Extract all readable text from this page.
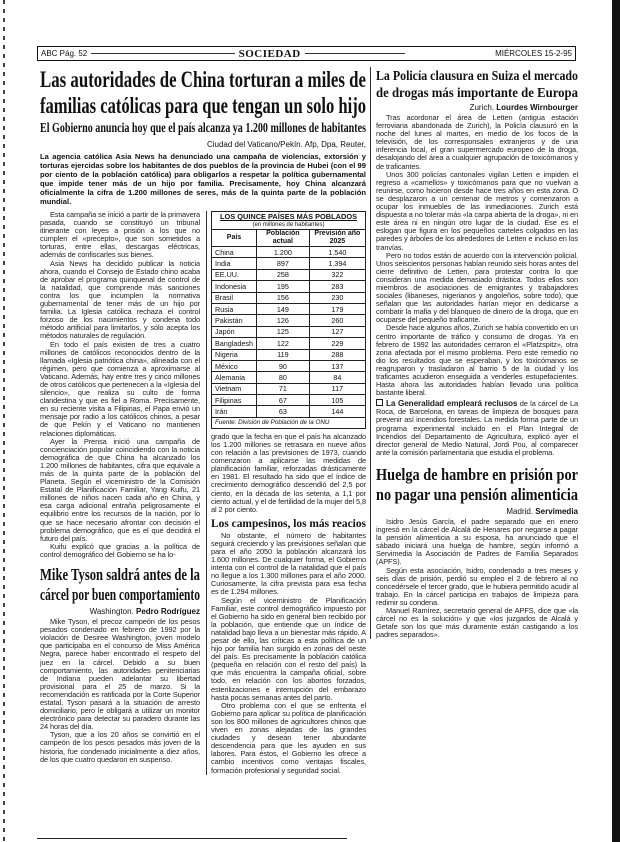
ABC Pág. 52	SOCIEDAD	MIÉRCOLES 15-2-95
Las autoridades de China torturan a miles de
familias católicas para que tengan un solo hijo
El Gobierno anuncia hoy que el país alcanza ya 1.200 millones de habitantes
Ciudad del Vaticano/Pekín. Afp, Dpa, Reuter,
La agencia católica Asia News ha denunciado una campaña de violencias, extorsión y torturas ejercidas sobre los habitantes de dos pueblos de la provincia de Hubei (con el 99 por ciento de la población católica) para obligarlos a respetar la política gubernamental que impide tener más de un hijo por familia. Precisamente, hoy China alcanzará oficialmente la cifra de 1.200 millones de seres, más de la quinta parte de la población mundial.

Esta campaña se inició a partir de la primavera pasada, cuando se constituyó un tribunal itinerante con leyes a prisión a los que no cumplen el «precepto», que son sometidos a torturas, entre ellas, descargas eléctricas, además de confiscarles sus bienes.

Asia News ha decidido publicar la noticia ahora, cuando el Consejo de Estado chino acaba de aprobar el programa quinquenal de control de la natalidad, que comprende más sanciones contra los que incumplen la normativa gubernamental de tener más de un hijo por familia. La Iglesia católica rechaza el control forzoso de los nacimientos y condena todo método artificial para limitarlos, y sólo acepta los métodos naturales de regulación.

En todo el país existen de tres a cuatro millones de católicos reconocidos dentro de la llamada «Iglesia patriótica china», alineada con el régimen, pero que comienza a aproximarse al Vaticano. Además, hay entre tres y cinco millones de otros católicos que pertenecen a la «Iglesia del silencio», que realiza su culto de forma clandestina y que es fiel a Roma. Precisamente, en su reciente visita a Filipinas, el Papa envió un mensaje por radio a los católicos chinos, a pesar de que Pekín y el Vaticano no mantienen relaciones diplomáticas.

Ayer la Prensa inició una campaña de concienciación popular coincidiendo con la noticia demográfica de que China ha alcanzado los 1.200 millones de habitantes, cifra que equivale a más de la quinta parte de la población del Planeta. Según el viceministro de la Comisión Estatal de Planificación Familiar, Yang Kuifu, 21 millones de niños nacen cada año en China, y esa carga adicional entraña peligrosamente el equilibrio entre los recursos de la nación, por lo que se hace necesario afrontar con decisión el problema demográfico, que es el que decidirá el futuro del país.

Kuifu explicó que gracias a la política de control demográfico del Gobierno se ha lo-

Mike Tyson saldrá antes de la
cárcel por buen comportamiento
Washington. Pedro Rodríguez

Mike Tyson, el precoz campeón de los pesos pesados condenado en febrero de 1992 por la violación de Desiree Washington, joven modelo que participaba en el concurso de Miss América Negra, parece haber encontrado el respeto del juez en la cárcel. Debido a su buen comportamiento, las autoridades penitenciarias de Indiana pueden adelantar su libertad provisional para el 25 de marzo. Si la recomendación es ratificada por la Corte Superior estatal, Tyson pasará a la situación de arresto domiciliario, pero le obligará a utilizar un monitor electrónico para detectar su paradero durante las 24 horas del día.

Tyson, que a los 20 años se convirtió en el campeón de los pesos pesados más joven de la historia, fue condenado inicialmente a diez años, de los que cuatro quedaron en suspenso.

LOS QUINCE PAÍSES MÁS POBLADOS
(en millones de habitantes)
País	Población actual	Previsión año 2025
China	1.200	1.540
India	897	1.394
EE.UU.	258	322
Indonesia	195	283
Brasil	156	230
Rusia	149	179
Pakistán	126	260
Japón	125	127
Bangladesh	122	229
Nigeria	119	288
México	90	137
Alemania	80	84
Vietnam	71	117
Filipinas	67	105
Irán	63	144
Fuente: División de Población de la ONU

grado que la fecha en que el país ha alcanzado los 1.200 millones se retrasara en nueve años con relación a las previsiones de 1973, cuando comenzaron a aplicarse las medidas de planificación familiar, reforzadas drásticamente en 1981. El resultado ha sido que el índice de crecimiento demográfico descendió del 2,5 por ciento, en la década de los setenta, a 1,1 por ciento actual, y el de fertilidad de la mujer del 5,8 al 2 por ciento.

Los campesinos, los más reacios

No obstante, el número de habitantes seguirá creciendo y las previsiones señalan que para el año 2050 la población alcanzará los 1.600 millones. De cualquier forma, el Gobierno intenta con el control de la natalidad que el país no llegue a los 1.300 millones para el año 2000. Curiosamente, la cifra prevista para esa fecha es de 1.294 millones.

Según el viceministro de Planificación Familiar, este control demográfico impuesto por el Gobierno ha sido en general bien recibido por la población, que entiende que un índice de natalidad bajo lleva a un bienestar más rápido. A pesar de ello, las críticas a esta política de un hijo por familia han surgido en zonas del oeste del país. Es precisamente la población católica (pequeña en relación con el resto del país) la que más encuentra la campaña oficial, sobre todo, en relación con los abortos forzados, esterilizaciones e interrupción del embarazo hasta pocas semanas antes del parto.

Otro problema con el que se enfrenta el Gobierno para aplicar su política de planificación son los 800 millones de agricultores chinos que viven en zonas alejadas de las grandes ciudades y desean tener abundante descendencia para que les ayuden en sus labores. Para éstos, el Gobierno les ofrece a cambio incentivos como ventajas fiscales, formación profesional y seguridad social.

La Policía clausura en Suiza el mercado
de drogas más importante de Europa
Zurich. Lourdes Wirnbourger

Tras acordonar el área de Letten (antigua estación ferroviaria abandonada de Zurich), la Policía clausuró en la noche del lunes al martes, en medio de los focos de la televisión, de los corresponsales extranjeros y de una inferencia local, el gran supermercado europeo de la droga, desalojando del área a cualquier agrupación de toxicómanos y de traficantes.

Unos 300 policías cantonales vigilan Letten e impiden el regreso a «camellos» y toxicómanos para que no vuelvan a reunirse, como hicieron desde hace tres años en esta zona. O se desplazaron a un centenar de metros y comenzaron a ocupar los inmuebles de las inmediaciones. Zurich está dispuesta a no tolerar más «la carpa abierta de la droga», ni en este área ni en ningún otro lugar de la ciudad. Ese es el eslogan que figura en los pequeños carteles colgados en las paredes y árboles de los alrededores de Letten e incluso en los tranvías.

Pero no todos están de acuerdo con la intervención policial. Unos seiscientos personas habían reunido seis horas antes del cierre definitivo de Letten, para protestar contra lo que consideran una medida demasiado drástica. Todos ellos son miembros de asociaciones de emigrantes y trabajadores sociales (libaneses, nigerianos y angoleños, sobre todo), que señalan que las autoridades harían mejor en dedicarse a combatir la mafia y del blanqueo de dinero de la droga, que en ocuparse del pequeño traficante.

Desde hace algunos años, Zurich se había convertido en un centro importante de tráfico y consumo de drogas. Ya en febrero de 1992 las autoridades cerraron el «Platzspitz», otra zona afectada por el mismo problema. Pero este remedio no dio los resultados que se esperaban, y los toxicómanos se reagruparon y trasladaron al barrio 5 de la ciudad y los traficantes acudieron enseguida a venderles estupefacientes. Hasta ahora las autoridades habían llevado una política bastante liberal.

La Generalidad empleará reclusos de la cárcel de La Roca, de Barcelona, en tareas de limpieza de bosques para prevenir así incendios forestales. La medida forma parte de un programa experimental incluido en el Plan Integral de Incendios del Departamento de Agricultura, explicó ayer el director general de Medio Natural, Jordi Pou, al comparecer ante la comisión parlamentaria que estudia el problema.

Huelga de hambre en prisión por
no pagar una pensión alimenticia
Madrid. Servimedia

Isidro Jesús García, el padre separado que en enero ingresó en la cárcel de Alcalá de Henares por negarse a pagar la pensión alimenticia a su esposa, ha anunciado que el sábado iniciará una huelga de hambre, según informó a Servimedia la Asociación de Padres de Familia Separados (APFS).

Según esta asociación, Isidro, condenado a tres meses y seis días de prisión, perdió su empleo el 2 de febrero al no concedérsele el tercer grado, que le hubiera permitido acudir al trabajo. En la cárcel participa en trabajos de limpieza para redimir su condena.

Manuel Ramírez, secretario general de APFS, dice que «la cárcel no es la solución» y que «los juzgados de Alcalá y Getafe son los que más duramente están castigando a los padres separados».
